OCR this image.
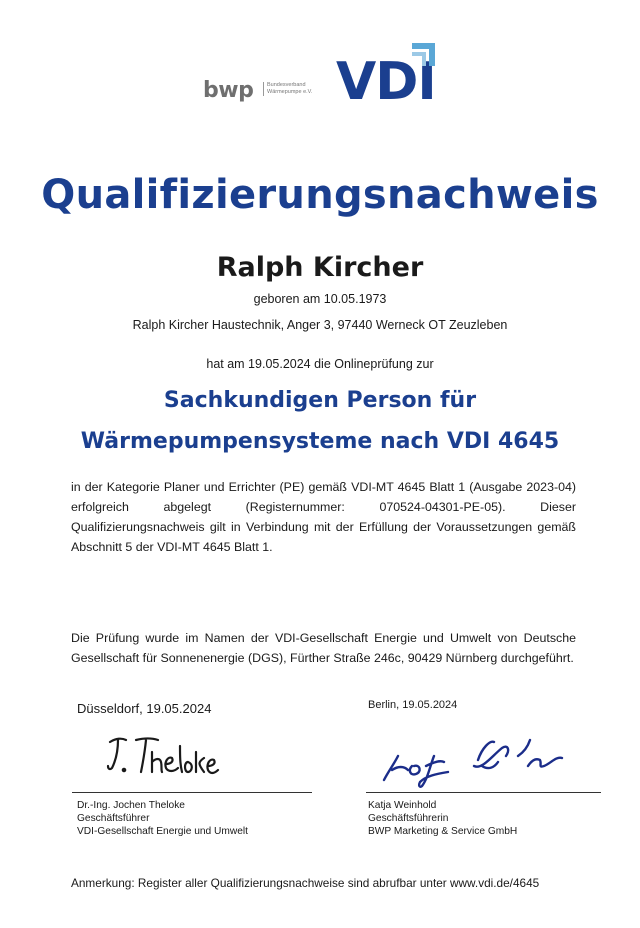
bwp	Bundesverband Wärmepumpe e.V. VDI
Qualifizierungsnachweis
Ralph Kircher
geboren am 10.05.1973
Ralph Kircher Haustechnik, Anger 3, 97440 Werneck OT Zeuzleben
hat am 19.05.2024 die Onlineprüfung zur
Sachkundigen Person für
Wärmepumpensysteme nach VDI 4645
in der Kategorie Planer und Errichter (PE) gemäß VDI-MT 4645 Blatt 1 (Ausgabe 2023-04) erfolgreich abgelegt (Registernummer: 070524-04301-PE-05). Dieser Qualifizierungsnachweis gilt in Verbindung mit der Erfüllung der Voraussetzungen gemäß Abschnitt 5 der VDI-MT 4645 Blatt 1.
Die Prüfung wurde im Namen der VDI-Gesellschaft Energie und Umwelt von Deutsche Gesellschaft für Sonnenenergie (DGS), Fürther Straße 246c, 90429 Nürnberg durchgeführt.
Düsseldorf, 19.05.2024	Berlin, 19.05.2024
Dr.-Ing. Jochen Theloke
Geschäftsführer
VDI-Gesellschaft Energie und Umwelt
Katja Weinhold
Geschäftsführerin
BWP Marketing & Service GmbH
Anmerkung: Register aller Qualifizierungsnachweise sind abrufbar unter www.vdi.de/4645
